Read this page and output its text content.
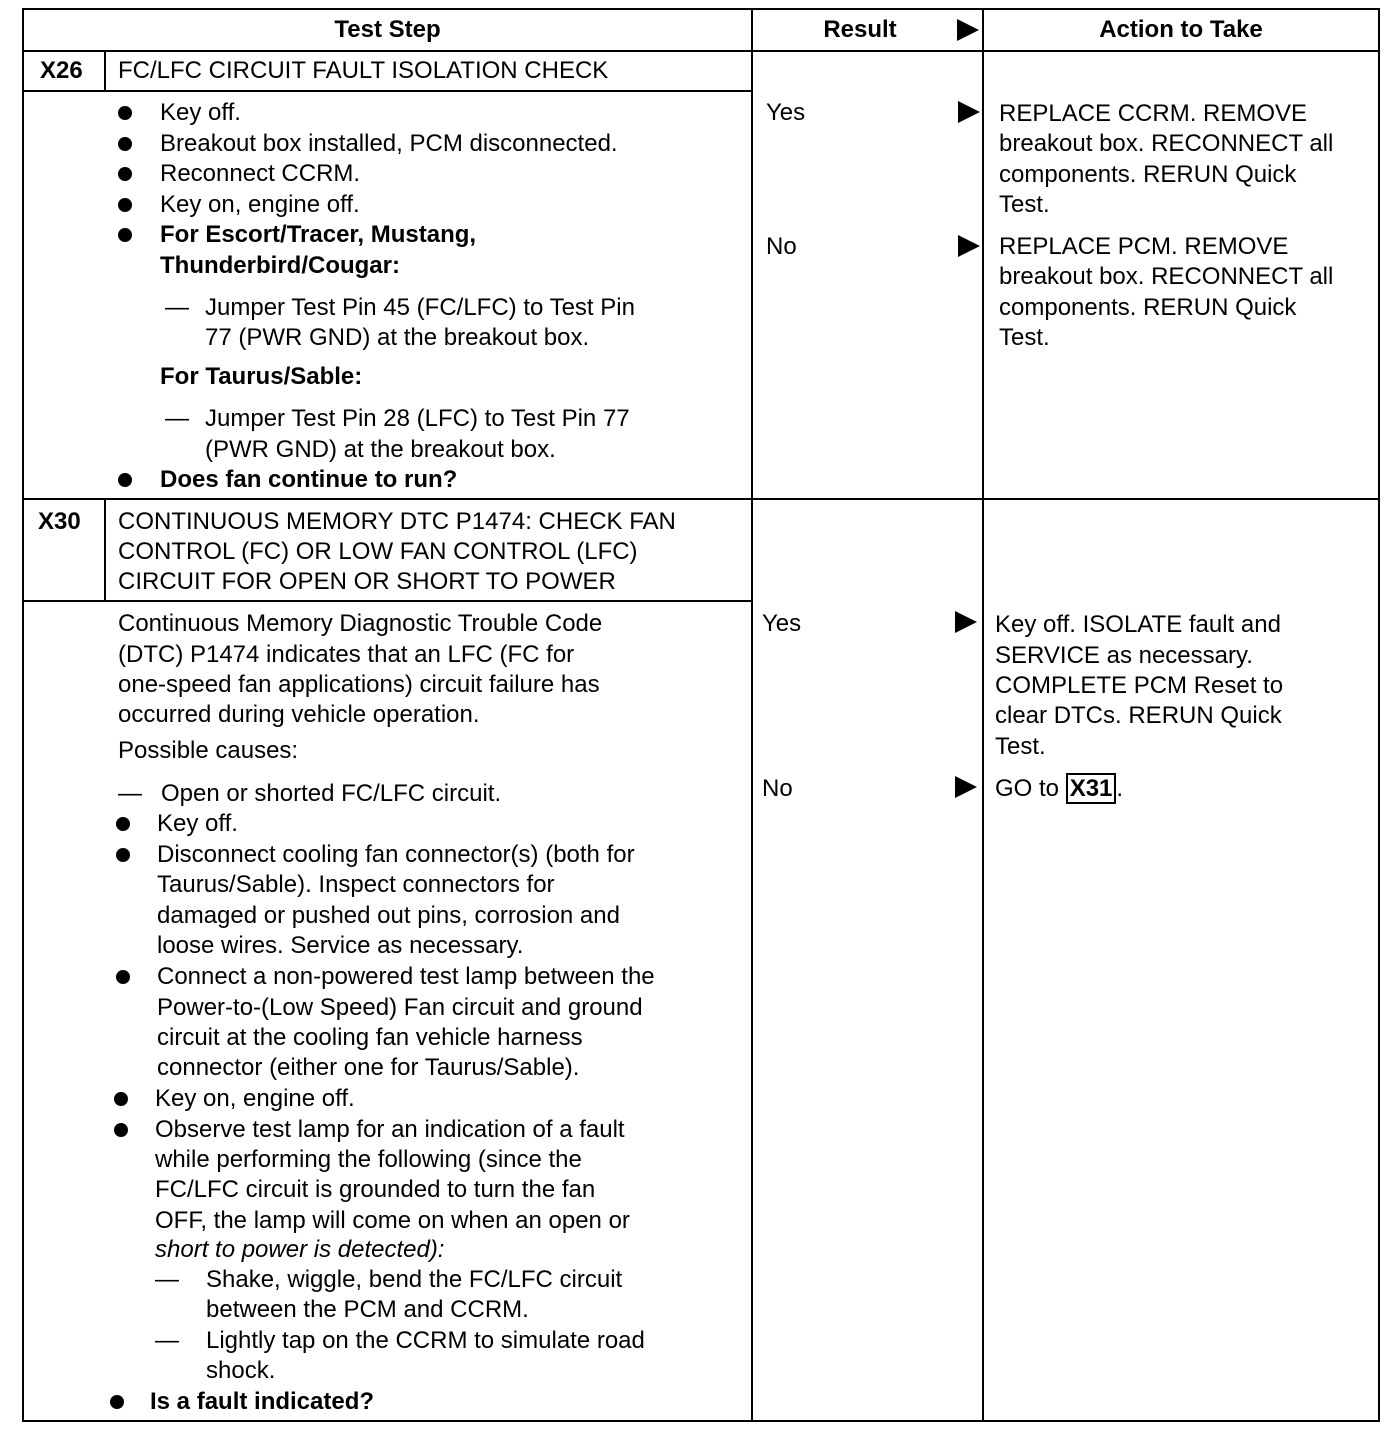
Test Step	Result	Action to Take
X26 FC/LFC CIRCUIT FAULT ISOLATION CHECK
Key off.
Breakout box installed, PCM disconnected.
Reconnect CCRM.
Key on, engine off.
For Escort/Tracer, Mustang,
Thunderbird/Cougar:
— Jumper Test Pin 45 (FC/LFC) to Test Pin
77 (PWR GND) at the breakout box.
For Taurus/Sable:
— Jumper Test Pin 28 (LFC) to Test Pin 77
(PWR GND) at the breakout box.
Does fan continue to run?
Yes	REPLACE CCRM. REMOVE
breakout box. RECONNECT all
components. RERUN Quick
Test.
No	REPLACE PCM. REMOVE
breakout box. RECONNECT all
components. RERUN Quick
Test.
X30 CONTINUOUS MEMORY DTC P1474: CHECK FAN
CONTROL (FC) OR LOW FAN CONTROL (LFC)
CIRCUIT FOR OPEN OR SHORT TO POWER
Continuous Memory Diagnostic Trouble Code
(DTC) P1474 indicates that an LFC (FC for
one-speed fan applications) circuit failure has
occurred during vehicle operation.
Possible causes:
— Open or shorted FC/LFC circuit.
Key off.
Disconnect cooling fan connector(s) (both for
Taurus/Sable). Inspect connectors for
damaged or pushed out pins, corrosion and
loose wires. Service as necessary.
Connect a non-powered test lamp between the
Power-to-(Low Speed) Fan circuit and ground
circuit at the cooling fan vehicle harness
connector (either one for Taurus/Sable).
Key on, engine off.
Observe test lamp for an indication of a fault
while performing the following (since the
FC/LFC circuit is grounded to turn the fan
OFF, the lamp will come on when an open or
short to power is detected):
— Shake, wiggle, bend the FC/LFC circuit
between the PCM and CCRM.
— Lightly tap on the CCRM to simulate road
shock.
Is a fault indicated?
Yes	Key off. ISOLATE fault and
SERVICE as necessary.
COMPLETE PCM Reset to
clear DTCs. RERUN Quick
Test.
No	GO to X31 .
